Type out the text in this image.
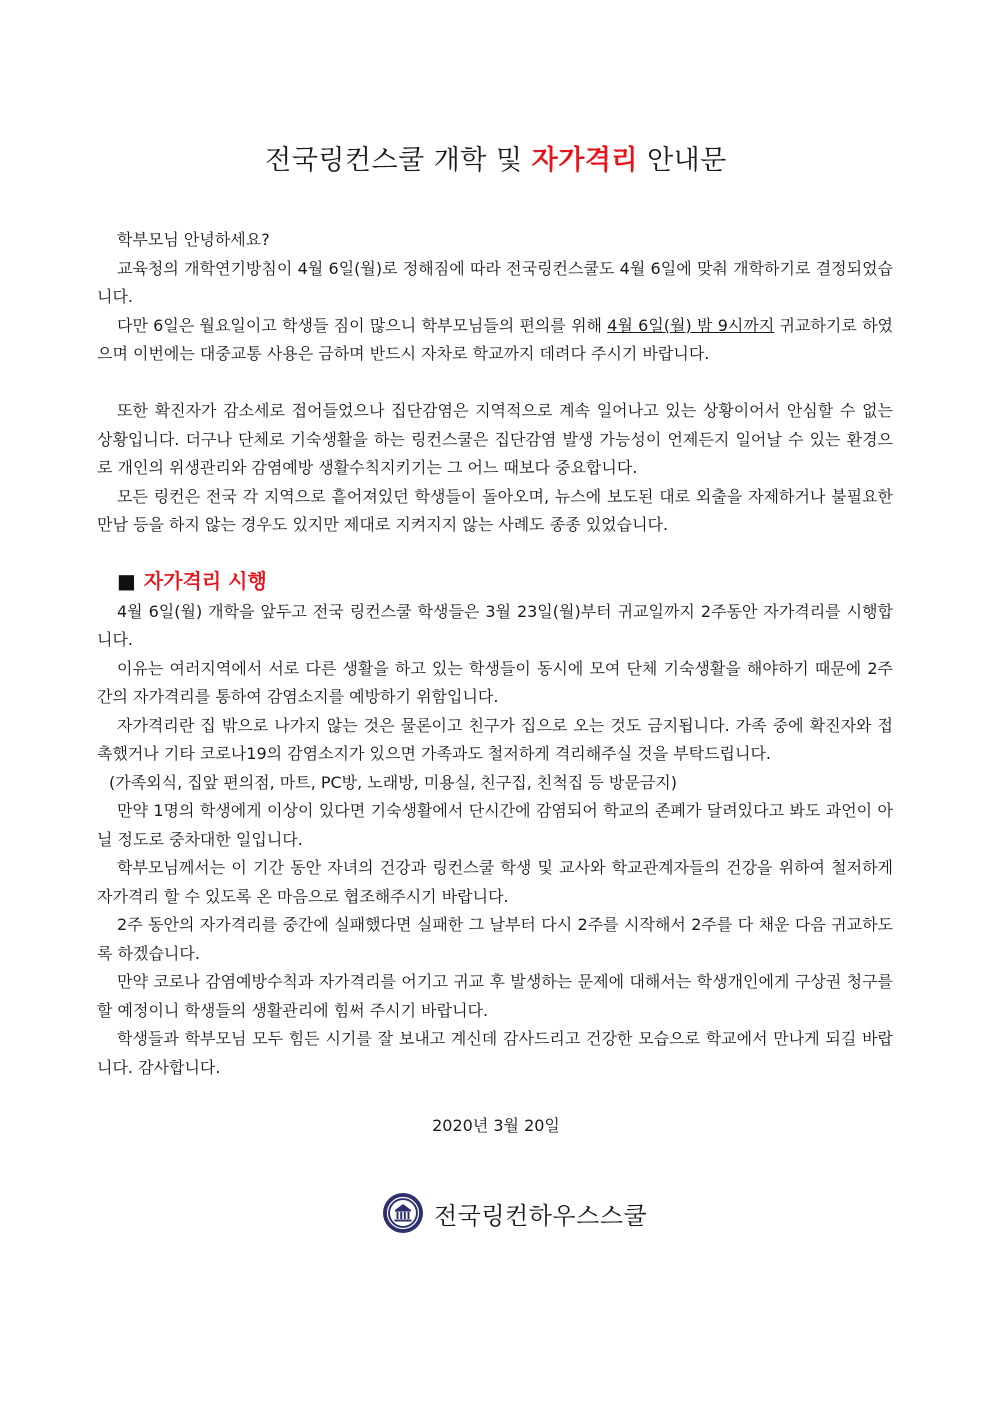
전국링컨스쿨 개학 및 자가격리 안내문

학부모님 안녕하세요?

교육청의 개학연기방침이 4월 6일(월)로 정해짐에 따라 전국링컨스쿨도 4월 6일에 맞춰 개학하기로 결정되었습니다.

다만 6일은 월요일이고 학생들 짐이 많으니 학부모님들의 편의를 위해 4월 6일(월) 밤 9시까지 귀교하기로 하였으며 이번에는 대중교통 사용은 금하며 반드시 자차로 학교까지 데려다 주시기 바랍니다.

또한 확진자가 감소세로 접어들었으나 집단감염은 지역적으로 계속 일어나고 있는 상황이어서 안심할 수 없는 상황입니다. 더구나 단체로 기숙생활을 하는 링컨스쿨은 집단감염 발생 가능성이 언제든지 일어날 수 있는 환경으로 개인의 위생관리와 감염예방 생활수칙지키기는 그 어느 때보다 중요합니다.

모든 링컨은 전국 각 지역으로 흩어져있던 학생들이 돌아오며, 뉴스에 보도된 대로 외출을 자제하거나 불필요한 만남 등을 하지 않는 경우도 있지만 제대로 지켜지지 않는 사례도 종종 있었습니다.

■ 자가격리 시행

4월 6일(월) 개학을 앞두고 전국 링컨스쿨 학생들은 3월 23일(월)부터 귀교일까지 2주동안 자가격리를 시행합니다.

이유는 여러지역에서 서로 다른 생활을 하고 있는 학생들이 동시에 모여 단체 기숙생활을 해야하기 때문에 2주간의 자가격리를 통하여 감염소지를 예방하기 위함입니다.

자가격리란 집 밖으로 나가지 않는 것은 물론이고 친구가 집으로 오는 것도 금지됩니다. 가족 중에 확진자와 접촉했거나 기타 코로나19의 감염소지가 있으면 가족과도 철저하게 격리해주실 것을 부탁드립니다.

(가족외식, 집앞 편의점, 마트, PC방, 노래방, 미용실, 친구집, 친척집 등 방문금지)

만약 1명의 학생에게 이상이 있다면 기숙생활에서 단시간에 감염되어 학교의 존폐가 달려있다고 봐도 과언이 아닐 정도로 중차대한 일입니다.

학부모님께서는 이 기간 동안 자녀의 건강과 링컨스쿨 학생 및 교사와 학교관계자들의 건강을 위하여 철저하게 자가격리 할 수 있도록 온 마음으로 협조해주시기 바랍니다.

2주 동안의 자가격리를 중간에 실패했다면 실패한 그 날부터 다시 2주를 시작해서 2주를 다 채운 다음 귀교하도록 하겠습니다.

만약 코로나 감염예방수칙과 자가격리를 어기고 귀교 후 발생하는 문제에 대해서는 학생개인에게 구상권 청구를 할 예정이니 학생들의 생활관리에 힘써 주시기 바랍니다.

학생들과 학부모님 모두 힘든 시기를 잘 보내고 계신데 감사드리고 건강한 모습으로 학교에서 만나게 되길 바랍니다. 감사합니다.

2020년 3월 20일
전국링컨하우스스쿨
